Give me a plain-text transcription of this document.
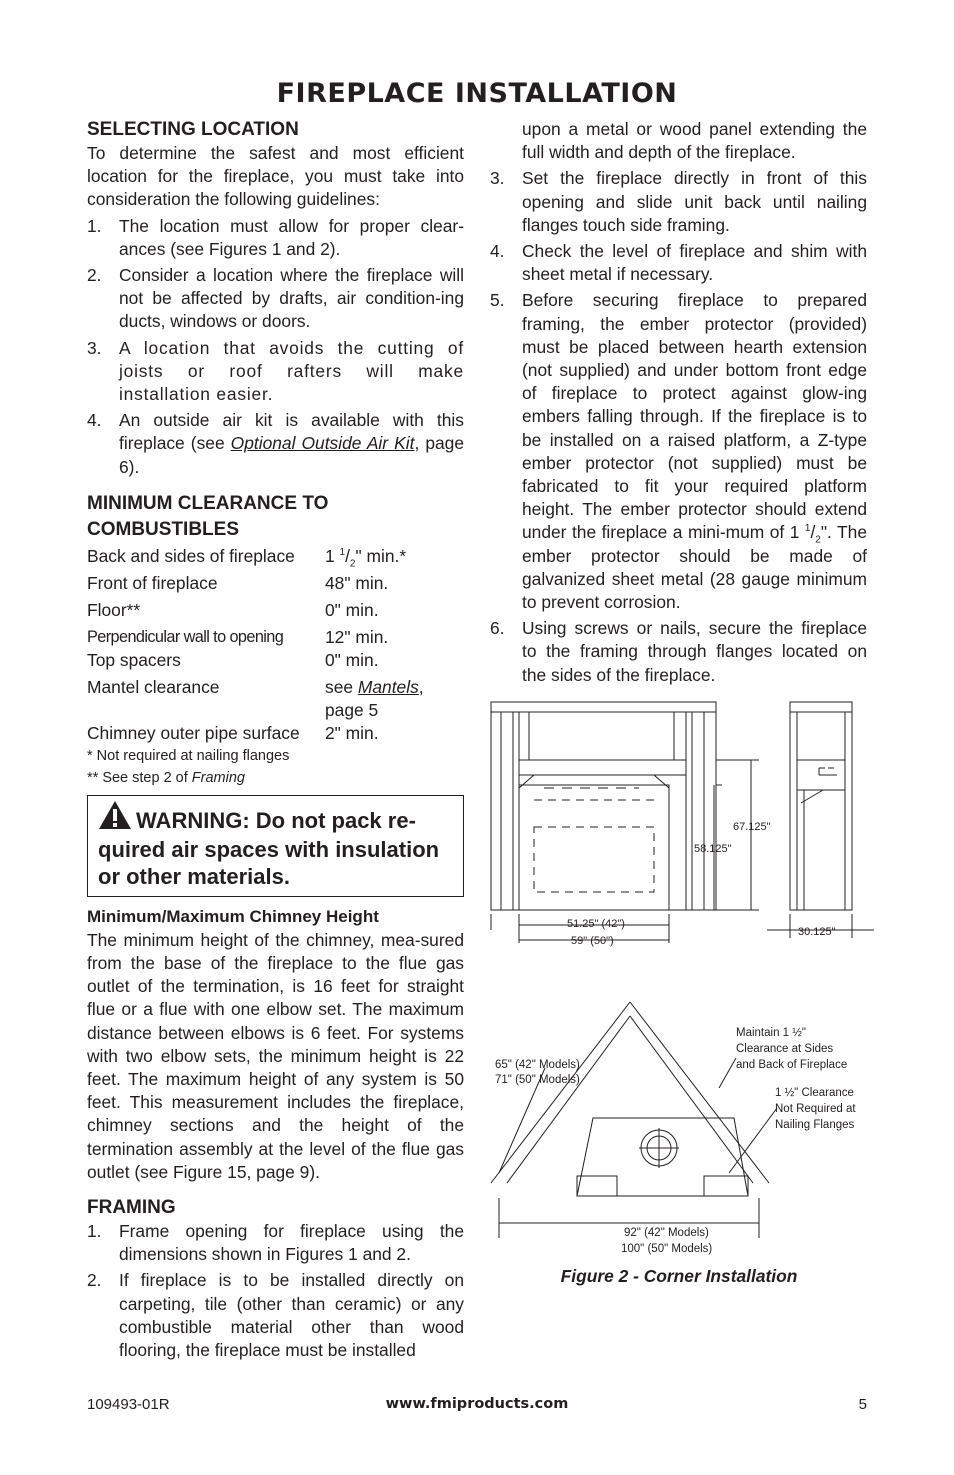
FIREPLACE INSTALLATION
SELECTING LOCATION

To determine the safest and most efficient location for the fireplace, you must take into consideration the following guidelines:

1. The location must allow for proper clear-ances (see Figures 1 and 2).
2. Consider a location where the fireplace will not be affected by drafts, air condition-ing ducts, windows or doors.
3. A location that avoids the cutting of joists or roof rafters will make installation easier.
4. An outside air kit is available with this fireplace (see Optional Outside Air Kit, page 6).
MINIMUM CLEARANCE TO COMBUSTIBLES
Back and sides of fireplace	1 $^1/_2$" min.*
Front of fireplace	48" min.
Floor**	0" min.
Perpendicular wall to opening	12" min.
Top spacers	0" min.
Mantel clearance	see Mantels, page 5
Chimney outer pipe surface	2" min.
* Not required at nailing flanges
** See step 2 of Framing
WARNING: Do not pack re-quired air spaces with insulation or other materials.
Minimum/Maximum Chimney Height

The minimum height of the chimney, mea-sured from the base of the fireplace to the flue gas outlet of the termination, is 16 feet for straight flue or a flue with one elbow set. The maximum distance between elbows is 6 feet. For systems with two elbow sets, the minimum height is 22 feet. The maximum height of any system is 50 feet. This measurement includes the fireplace, chimney sections and the height of the termination assembly at the level of the flue gas outlet (see Figure 15, page 9).

FRAMING
1. Frame opening for fireplace using the dimensions shown in Figures 1 and 2.
2. If fireplace is to be installed directly on carpeting, tile (other than ceramic) or any combustible material other than wood flooring, the fireplace must be installed
upon a metal or wood panel extending the full width and depth of the fireplace.
3. Set the fireplace directly in front of this opening and slide unit back until nailing flanges touch side framing.
4. Check the level of fireplace and shim with sheet metal if necessary.
5. Before securing fireplace to prepared framing, the ember protector (provided) must be placed between hearth extension (not supplied) and under bottom front edge of fireplace to protect against glow-ing embers falling through. If the fireplace is to be installed on a raised platform, a Z-type ember protector (not supplied) must be fabricated to fit your required platform height. The ember protector should extend under the fireplace a mini-mum of 1 $^1/_2$". The ember protector should be made of galvanized sheet metal (28 gauge minimum to prevent corrosion.
6. Using screws or nails, secure the fireplace to the framing through flanges located on the sides of the fireplace.
58.125"
67.125"
51.25" (42")
59" (50")
30.125"
65" (42" Models)
71" (50" Models)
Maintain 1 ½"
Clearance at Sides
and Back of Fireplace
1 ½" Clearance
Not Required at
Nailing Flanges
92" (42" Models)
100" (50" Models)
Figure 2 - Corner Installation
109493-01R	www.fmiproducts.com	5
